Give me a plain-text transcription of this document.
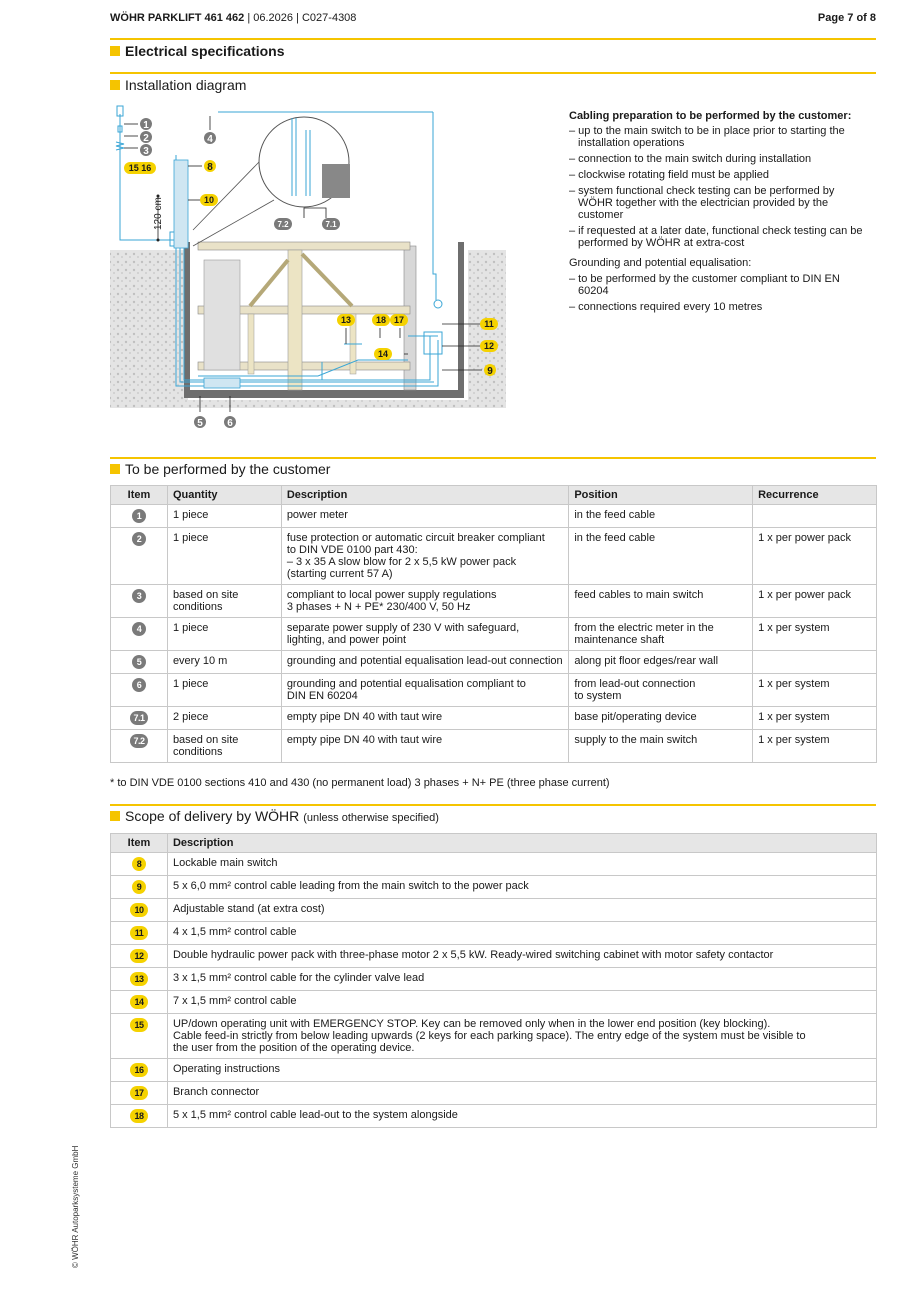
WÖHR PARKLIFT 461 462 | 06.2026 | C027-4308	Page 7 of 8
Electrical specifications
Installation diagram
1
2
3
4
5 6
7.2	7.1
8
9
10
11
12
13
14
15 16
17
18
120 cm
Cabling preparation to be performed by the customer:
– up to the main switch to be in place prior to starting the installation operations
– connection to the main switch during installation
– clockwise rotating field must be applied
– system functional check testing can be performed by WÖHR together with the electrician provided by the customer
– if requested at a later date, functional check testing can be performed by WÖHR at extra-cost
Grounding and potential equalisation:
– to be performed by the customer compliant to DIN EN 60204
– connections required every 10 metres
To be performed by the customer
Item	Quantity	Description	Position	Recurrence
1	1 piece	power meter	in the feed cable	
2	1 piece	fuse protection or automatic circuit breaker compliant
to DIN VDE 0100 part 430:
– 3 x 35 A slow blow for 2 x 5,5 kW power pack
(starting current 57 A)	in the feed cable	1 x per power pack
3	based on site
conditions	compliant to local power supply regulations
3 phases + N + PE* 230/400 V, 50 Hz	feed cables to main switch	1 x per power pack
4	1 piece	separate power supply of 230 V with safeguard,
lighting, and power point	from the electric meter in the
maintenance shaft	1 x per system
5	every 10 m	grounding and potential equalisation lead-out connection	along pit floor edges/rear wall	
6	1 piece	grounding and potential equalisation compliant to
DIN EN 60204	from lead-out connection
to system	1 x per system
7.1	2 piece	empty pipe DN 40 with taut wire	base pit/operating device	1 x per system
7.2	based on site
conditions	empty pipe DN 40 with taut wire	supply to the main switch	1 x per system
* to DIN VDE 0100 sections 410 and 430 (no permanent load) 3 phases + N+ PE (three phase current)
Scope of delivery by WÖHR (unless otherwise specified)
Item	Description
8	Lockable main switch
9	5 x 6,0 mm² control cable leading from the main switch to the power pack
10	Adjustable stand (at extra cost)
11	4 x 1,5 mm² control cable
12	Double hydraulic power pack with three-phase motor 2 x 5,5 kW. Ready-wired switching cabinet with motor safety contactor
13	3 x 1,5 mm² control cable for the cylinder valve lead
14	7 x 1,5 mm² control cable
15	UP/down operating unit with EMERGENCY STOP. Key can be removed only when in the lower end position (key blocking).
Cable feed-in strictly from below leading upwards (2 keys for each parking space). The entry edge of the system must be visible to
the user from the position of the operating device.
16	Operating instructions
17	Branch connector
18	5 x 1,5 mm² control cable lead-out to the system alongside
© WÖHR Autoparksysteme GmbH
